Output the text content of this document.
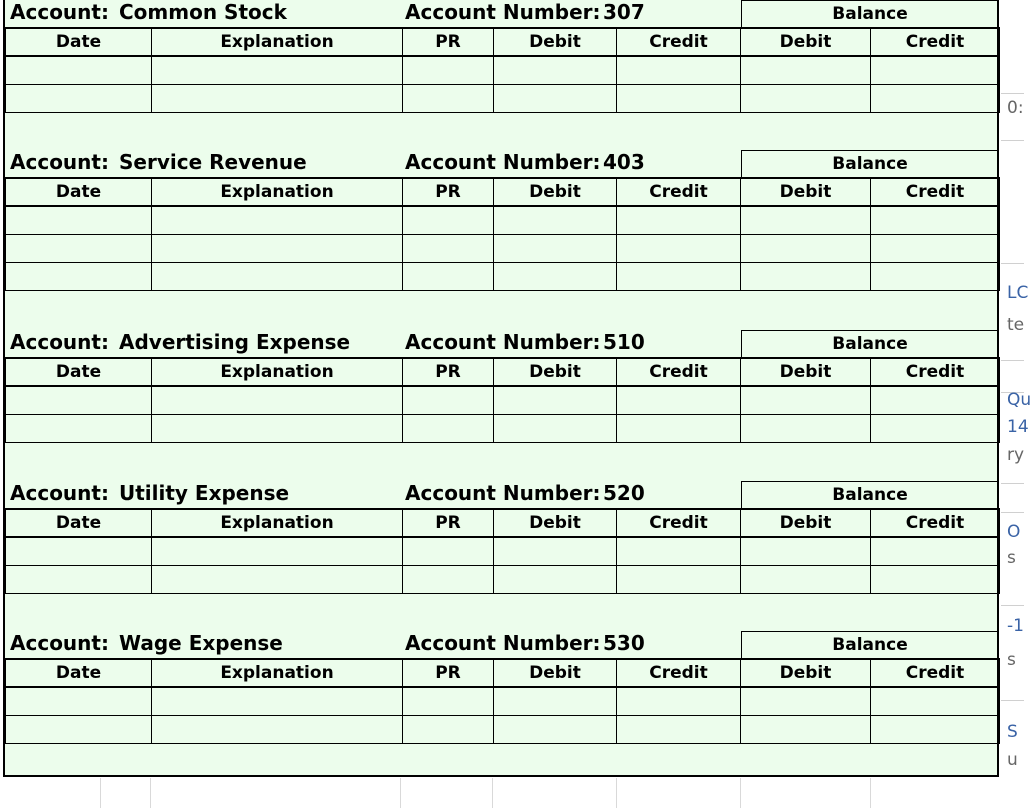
0:
LC
te
Qu
14
ry
O
s
-1
s
S
u
Account: Common Stock	Account Number: 307	Balance
Date	Explanation	PR	Debit	Credit	Debit	Credit

Account: Service Revenue	Account Number: 403	Balance
Date	Explanation	PR	Debit	Credit	Debit	Credit

Account: Advertising Expense	Account Number: 510	Balance
Date	Explanation	PR	Debit	Credit	Debit	Credit

Account: Utility Expense	Account Number: 520	Balance
Date	Explanation	PR	Debit	Credit	Debit	Credit

Account: Wage Expense	Account Number: 530	Balance
Date	Explanation	PR	Debit	Credit	Debit	Credit
